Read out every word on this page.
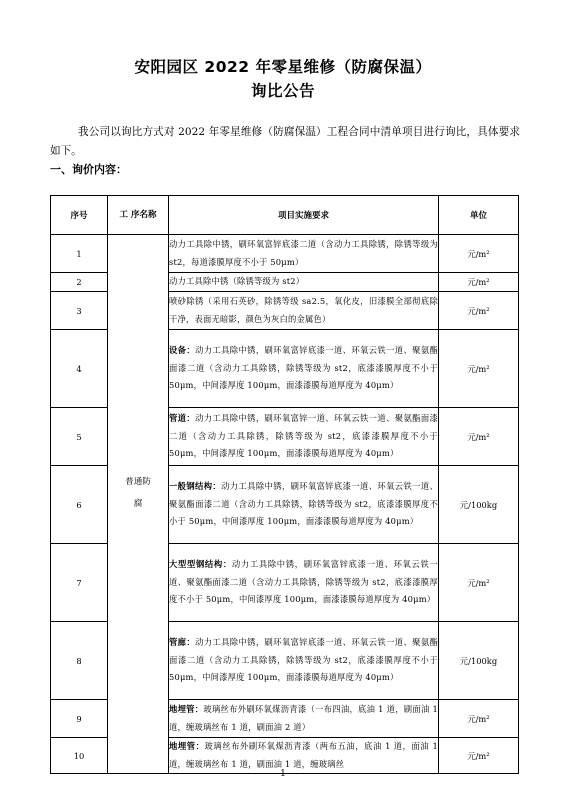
安阳园区 2022 年零星维修（防腐保温）
询比公告
我公司以询比方式对 2022 年零星维修（防腐保温）工程合同中清单项目进行询比，具体要求如下。
一、询价内容：
序号	工 序名称	项目实施要求	单位
1	普通防腐	动力工具除中锈，刷环氧富锌底漆二道（含动力工具除锈，除锈等级为 st2，每道漆膜厚度不小于 50μm）	元/m²
2		动力工具除中锈（除锈等级为 st2）	元/m²
3		喷砂除锈（采用石英砂，除锈等级 sa2.5，氧化皮，旧漆膜全部彻底除干净，表面无暗影，颜色为灰白的金属色）	元/m²
4		设备：动力工具除中锈，刷环氧富锌底漆一道、环氧云铁一道、聚氨酯面漆二道（含动力工具除锈，除锈等级为 st2，底漆漆膜厚度不小于 50μm，中间漆厚度 100μm，面漆漆膜每道厚度为 40μm）	元/m²
5		管道：动力工具除中锈，刷环氧富锌一道、环氧云铁一道、聚氨酯面漆二道（含动力工具除锈，除锈等级为 st2，底漆漆膜厚度不小于 50μm，中间漆厚度 100μm，面漆漆膜每道厚度为 40μm）	元/m²
6		一般钢结构：动力工具除中锈，刷环氧富锌底漆一道、环氧云铁一道、聚氨酯面漆二道（含动力工具除锈，除锈等级为 st2，底漆漆膜厚度不小于 50μm，中间漆厚度 100μm，面漆漆膜每道厚度为 40μm）	元/100kg
7		大型型钢结构：动力工具除中锈，刷环氧富锌底漆一道、环氧云铁一道、聚氨酯面漆二道（含动力工具除锈，除锈等级为 st2，底漆漆膜厚度不小于 50μm，中间漆厚度 100μm，面漆漆膜每道厚度为 40μm）	元/m²
8		管廊：动力工具除中锈，刷环氧富锌底漆一道、环氧云铁一道、聚氨酯面漆二道（含动力工具除锈，除锈等级为 st2，底漆漆膜厚度不小于 50μm，中间漆厚度 100μm，面漆漆膜每道厚度为 40μm）	元/100kg
9		地埋管：玻璃丝布外刷环氧煤沥青漆（一布四油，底油 1 道，刷面油 1 道，缠玻璃丝布 1 道，刷面油 2 道）	元/m²
10		地埋管：玻璃丝布外刷环氧煤沥青漆（两布五油，底油 1 道，面油 1 道，缠玻璃丝布 1 道，刷面油 1 道，缠玻璃丝	元/m²
1
